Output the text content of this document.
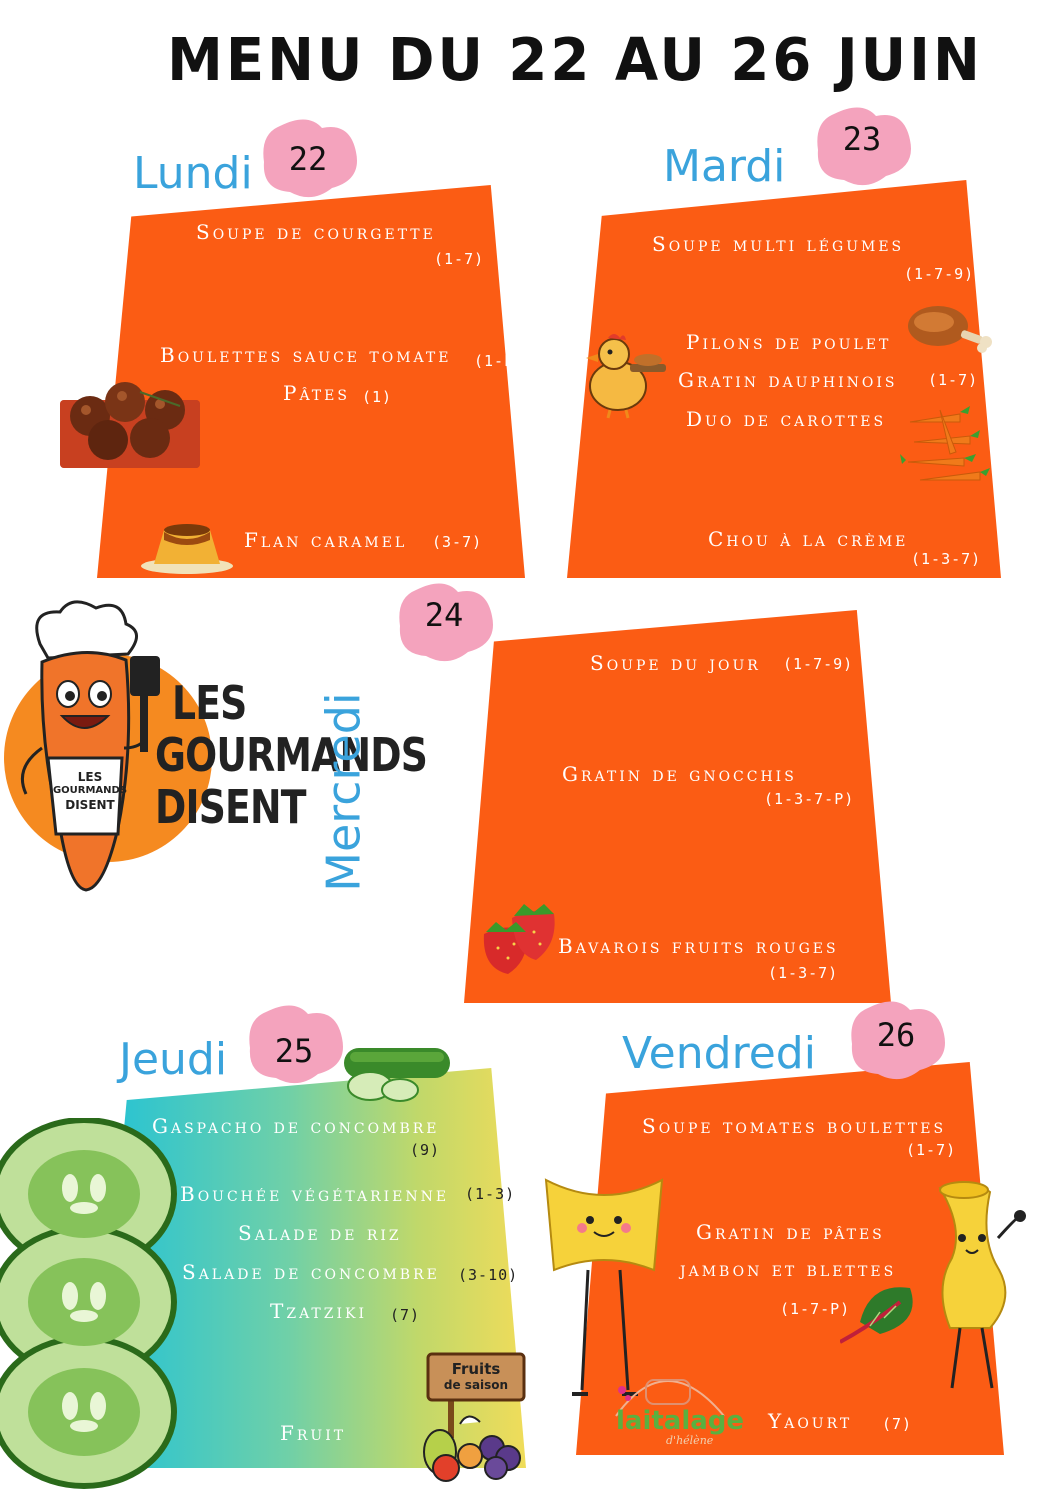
MENU DU 22 AU 26 JUIN
Lundi	22
Soupe de courgette
(1-7)
Boulettes sauce tomate (1-P)
Pâtes (1)
Flan caramel (3-7)
Mardi
23
Soupe multi légumes
(1-7-9)
Pilons de poulet
Gratin dauphinois (1-7)
Duo de carottes
Chou à la crème
(1-3-7)
LES
GOURMANDS
DISENT
LES
GOURMANDS
DISENT Mercredi
24
Soupe du jour (1-7-9)
Gratin de gnocchis
(1-3-7-P)
Bavarois fruits rouges
(1-3-7)
Jeudi	25
Gaspacho de concombre
(9)
Bouchée végétarienne (1-3)
Salade de riz
Salade de concombre (3-10)
Tzatziki (7)
Fruit
Fruits
de saison
Vendredi	26
Soupe tomates boulettes
(1-7)
Gratin de pâtes
jambon et blettes
(1-7-P)
Yaourt (7)
laitalage
d'hélène
